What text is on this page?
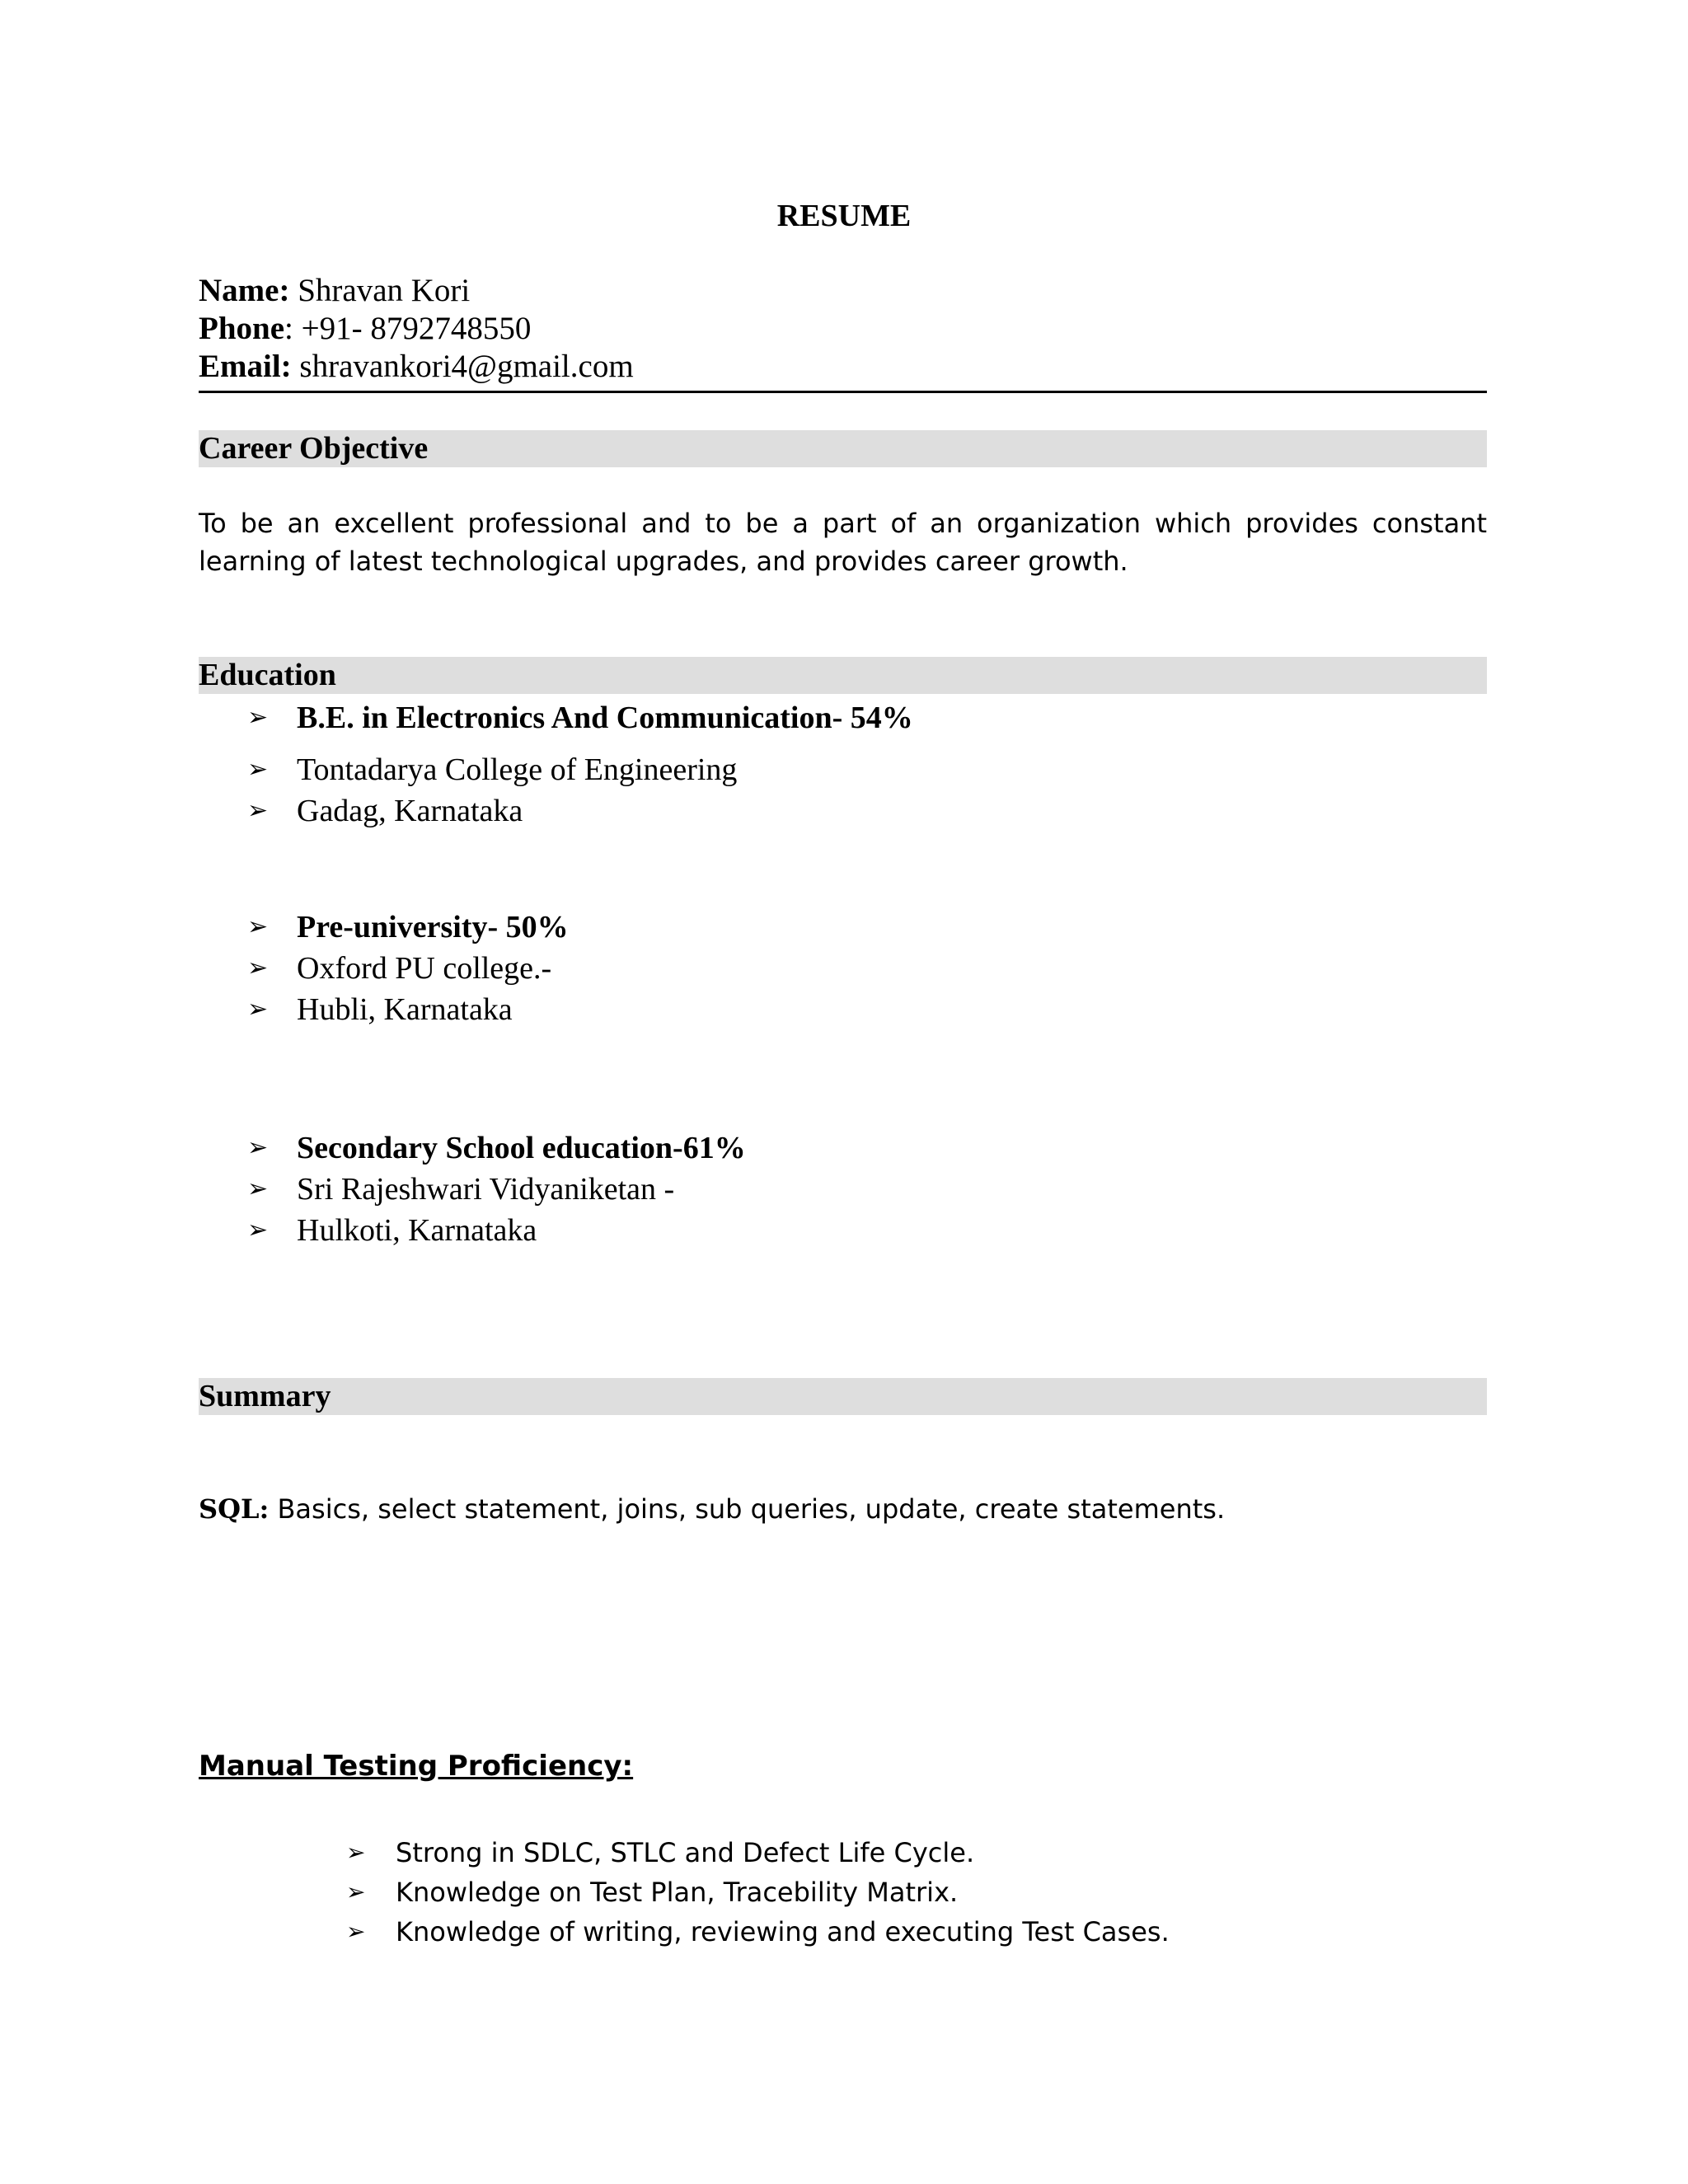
RESUME
Name: Shravan Kori
Phone: +91- 8792748550
Email: shravankori4@gmail.com
Career Objective
To be an excellent professional and to be a part of an organization which provides constant
learning of latest technological upgrades, and provides career growth.
Education
➢ B.E. in Electronics And Communication- 54%
➢ Tontadarya College of Engineering
➢ Gadag, Karnataka
➢ Pre-university- 50%
➢ Oxford PU college.-
➢ Hubli, Karnataka
➢ Secondary School education-61%
➢ Sri Rajeshwari Vidyaniketan -
➢ Hulkoti, Karnataka
Summary
SQL: Basics, select statement, joins, sub queries, update, create statements.
Manual Testing Proficiency:
➢ Strong in SDLC, STLC and Defect Life Cycle.
➢ Knowledge on Test Plan, Tracebility Matrix.
➢ Knowledge of writing, reviewing and executing Test Cases.
